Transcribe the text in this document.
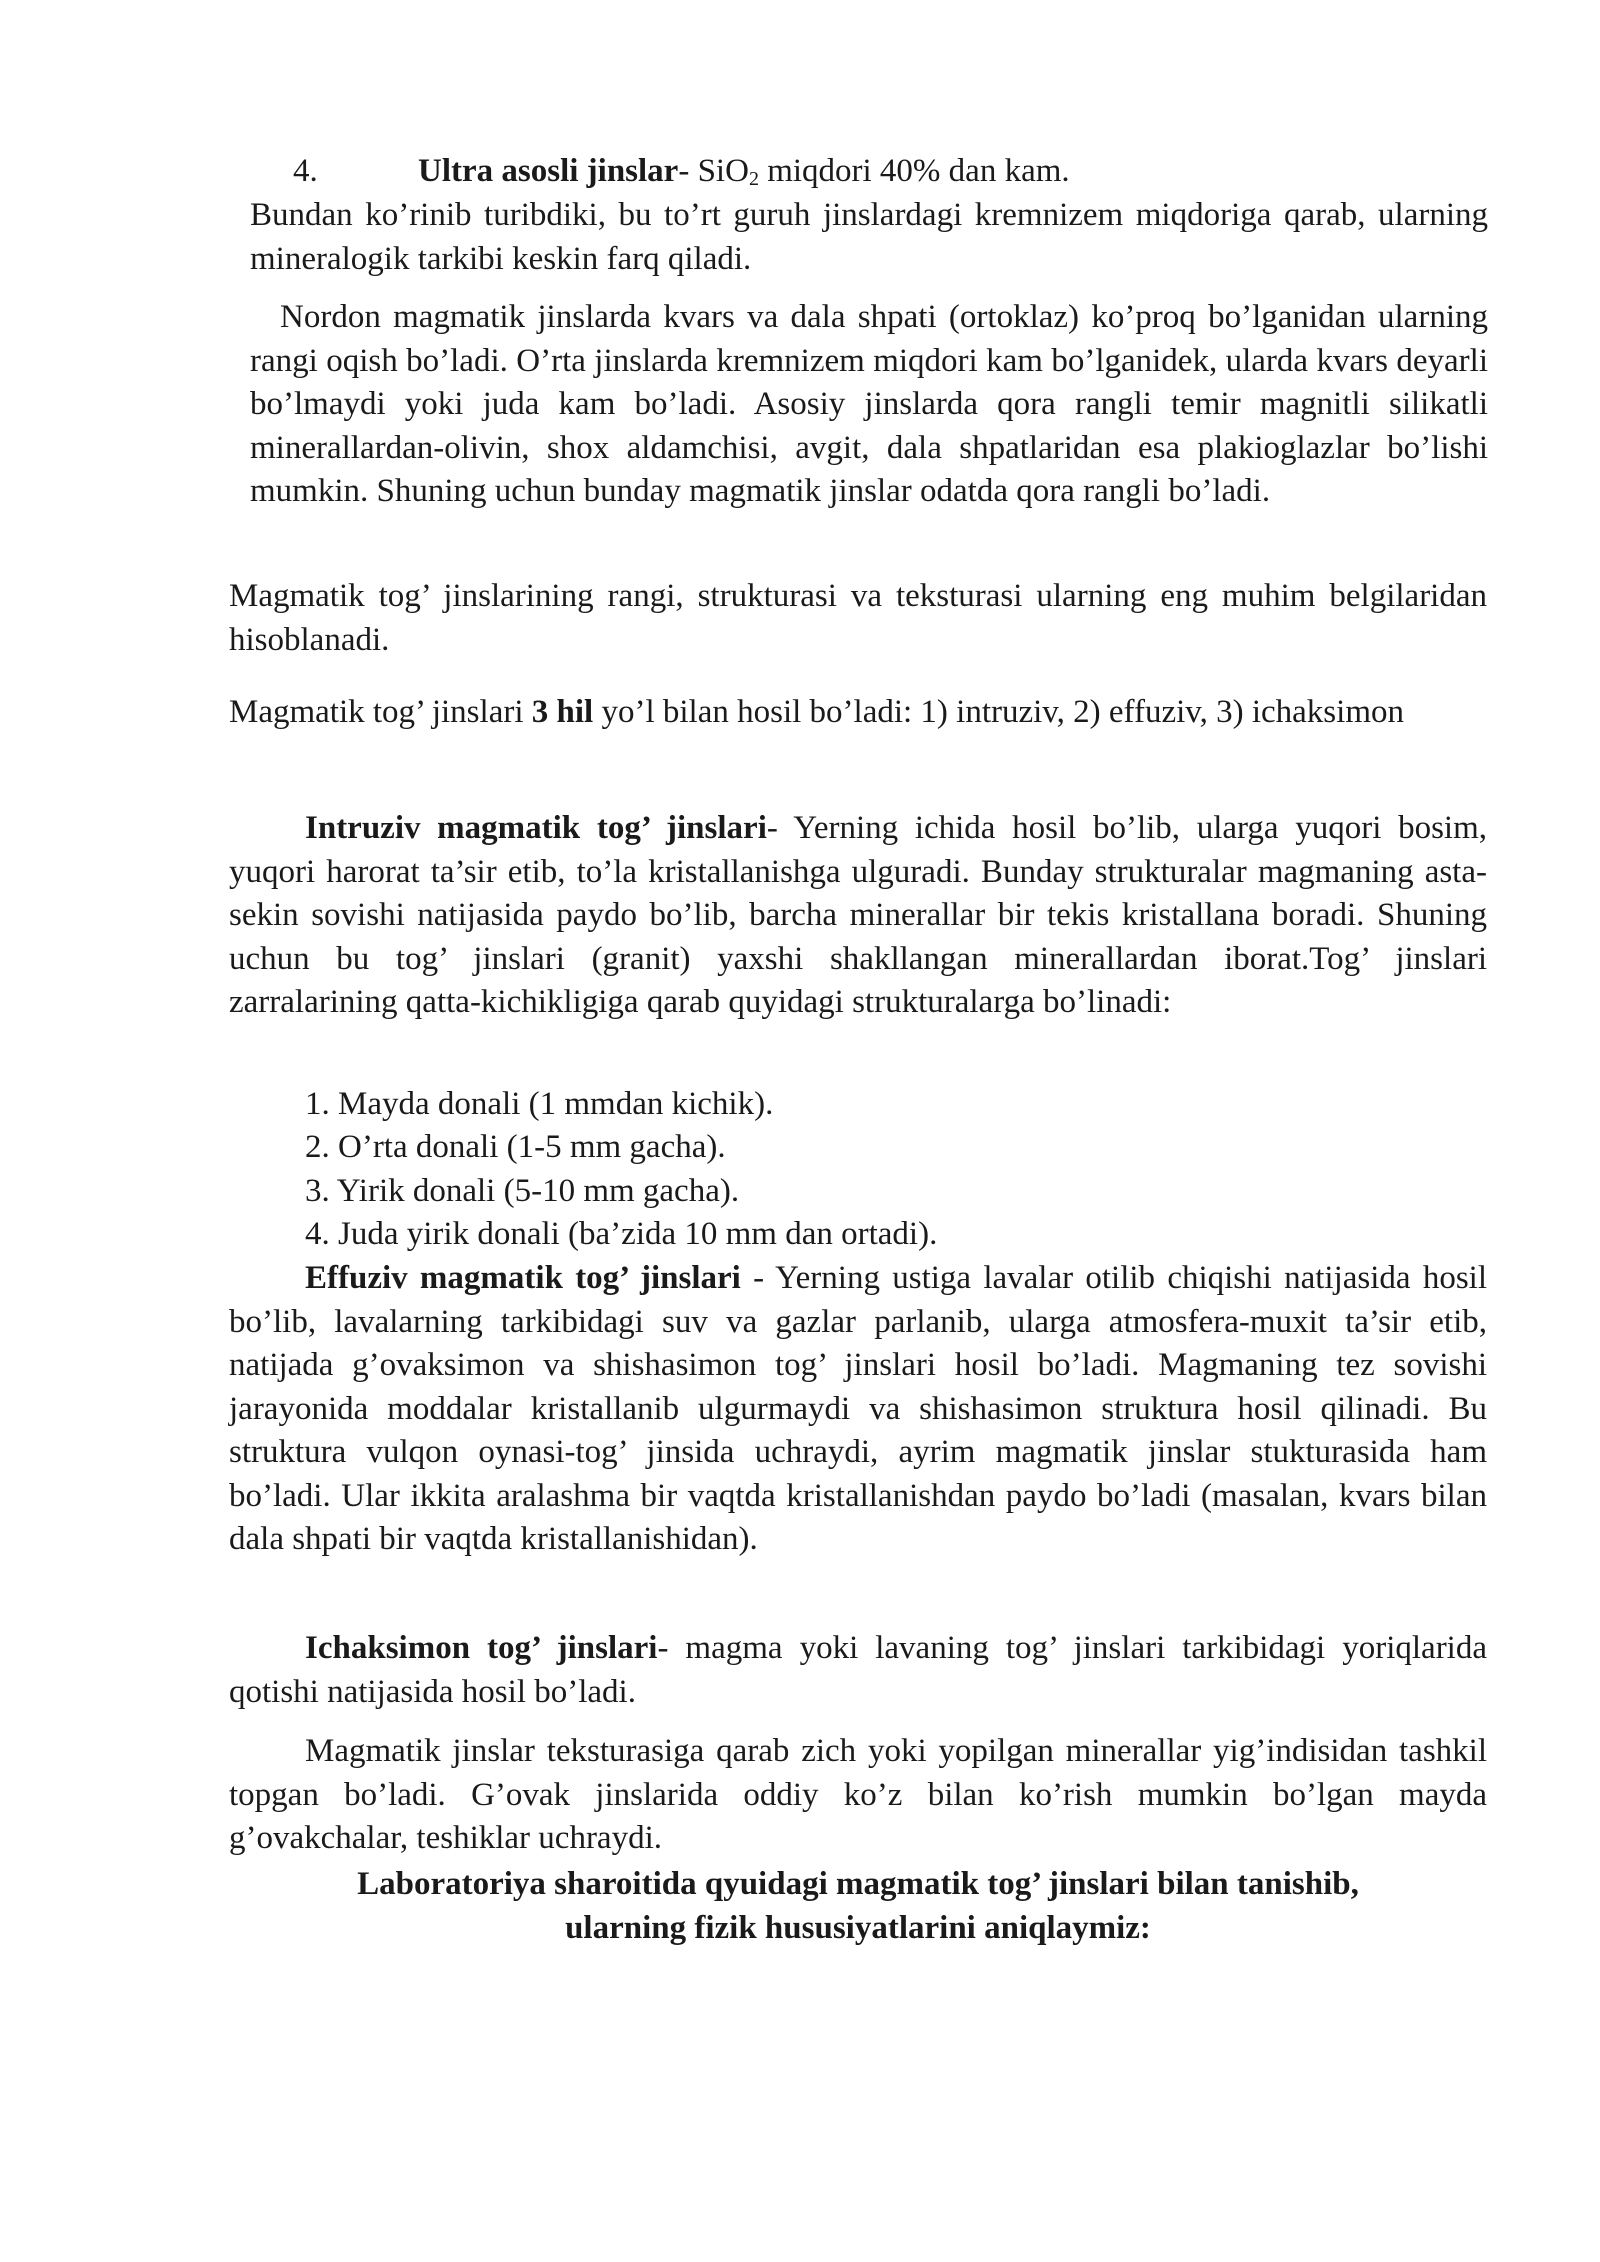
4.	Ultra asosli jinslar- SiO$_2$ miqdori 40% dan kam.

Bundan ko’rinib turibdiki, bu to’rt guruh jinslardagi kremnizem miqdoriga qarab, ularning mineralogik tarkibi keskin farq qiladi.

Nordon magmatik jinslarda kvars va dala shpati (ortoklaz) ko’proq bo’lganidan ularning rangi oqish bo’ladi. O’rta jinslarda kremnizem miqdori kam bo’lganidek, ularda kvars deyarli bo’lmaydi yoki juda kam bo’ladi. Asosiy jinslarda qora rangli temir magnitli silikatli minerallardan-olivin, shox aldamchisi, avgit, dala shpatlaridan esa plakioglazlar bo’lishi mumkin. Shuning uchun bunday magmatik jinslar odatda qora rangli bo’ladi.

Magmatik tog’ jinslarining rangi, strukturasi va teksturasi ularning eng muhim belgilaridan hisoblanadi.

Magmatik tog’ jinslari 3 hil yo’l bilan hosil bo’ladi: 1) intruziv, 2) effuziv, 3) ichaksimon

Intruziv magmatik tog’ jinslari- Yerning ichida hosil bo’lib, ularga yuqori bosim, yuqori harorat ta’sir etib, to’la kristallanishga ulguradi. Bunday strukturalar magmaning asta-sekin sovishi natijasida paydo bo’lib, barcha minerallar bir tekis kristallana boradi. Shuning uchun bu tog’ jinslari (granit) yaxshi shakllangan minerallardan iborat.Tog’ jinslari zarralarining qatta-kichikligiga qarab quyidagi strukturalarga bo’linadi:

1. Mayda donali (1 mmdan kichik).
2. O’rta donali (1-5 mm gacha).
3. Yirik donali (5-10 mm gacha).
4. Juda yirik donali (ba’zida 10 mm dan ortadi).

Effuziv magmatik tog’ jinslari - Yerning ustiga lavalar otilib chiqishi natijasida hosil bo’lib, lavalarning tarkibidagi suv va gazlar parlanib, ularga atmosfera-muxit ta’sir etib, natijada g’ovaksimon va shishasimon tog’ jinslari hosil bo’ladi. Magmaning tez sovishi jarayonida moddalar kristallanib ulgurmaydi va shishasimon struktura hosil qilinadi. Bu struktura vulqon oynasi-tog’ jinsida uchraydi, ayrim magmatik jinslar stukturasida ham bo’ladi. Ular ikkita aralashma bir vaqtda kristallanishdan paydo bo’ladi (masalan, kvars bilan dala shpati bir vaqtda kristallanishidan).

Ichaksimon tog’ jinslari- magma yoki lavaning tog’ jinslari tarkibidagi yoriqlarida qotishi natijasida hosil bo’ladi.

Magmatik jinslar teksturasiga qarab zich yoki yopilgan minerallar yig’indisidan tashkil topgan bo’ladi. G’ovak jinslarida oddiy ko’z bilan ko’rish mumkin bo’lgan mayda g’ovakchalar, teshiklar uchraydi.

Laboratoriya sharoitida qyuidagi magmatik tog’ jinslari bilan tanishib,
ularning fizik hususiyatlarini aniqlaymiz:
